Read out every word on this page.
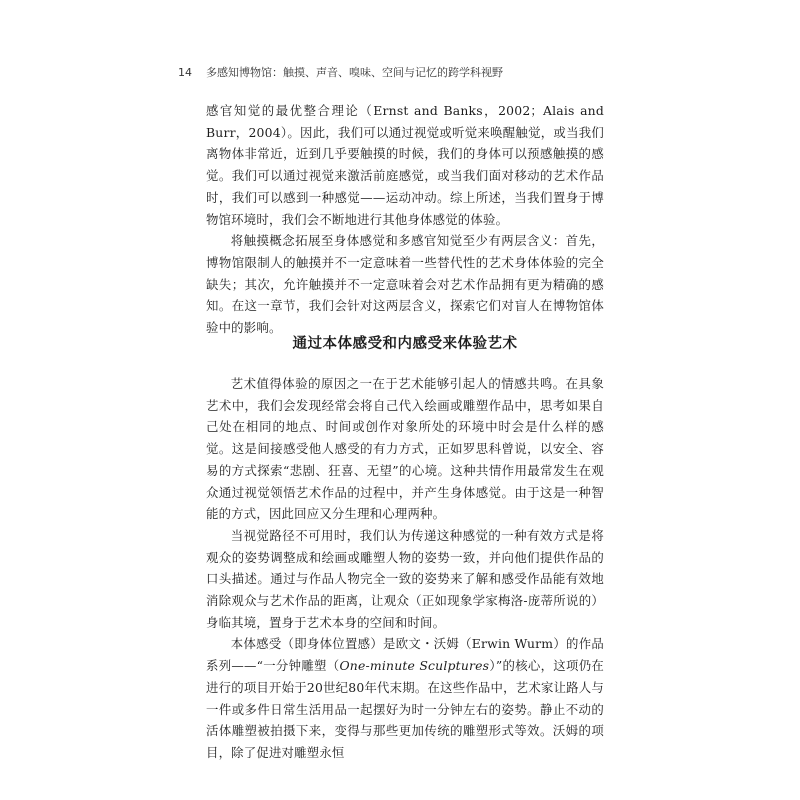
14 多感知博物馆：触摸、声音、嗅味、空间与记忆的跨学科视野

感官知觉的最优整合理论（Ernst and Banks，2002；Alais and Burr，2004）。因此，我们可以通过视觉或听觉来唤醒触觉，或当我们离物体非常近，近到几乎要触摸的时候，我们的身体可以预感触摸的感觉。我们可以通过视觉来激活前庭感觉，或当我们面对移动的艺术作品时，我们可以感到一种感觉——运动冲动。综上所述，当我们置身于博物馆环境时，我们会不断地进行其他身体感觉的体验。

将触摸概念拓展至身体感觉和多感官知觉至少有两层含义：首先，博物馆限制人的触摸并不一定意味着一些替代性的艺术身体体验的完全缺失；其次，允许触摸并不一定意味着会对艺术作品拥有更为精确的感知。在这一章节，我们会针对这两层含义，探索它们对盲人在博物馆体验中的影响。

通过本体感受和内感受来体验艺术

艺术值得体验的原因之一在于艺术能够引起人的情感共鸣。在具象艺术中，我们会发现经常会将自己代入绘画或雕塑作品中，思考如果自己处在相同的地点、时间或创作对象所处的环境中时会是什么样的感觉。这是间接感受他人感受的有力方式，正如罗思科曾说，以安全、容易的方式探索“悲剧、狂喜、无望”的心境。这种共情作用最常发生在观众通过视觉领悟艺术作品的过程中，并产生身体感觉。由于这是一种智能的方式，因此回应又分生理和心理两种。

当视觉路径不可用时，我们认为传递这种感觉的一种有效方式是将观众的姿势调整成和绘画或雕塑人物的姿势一致，并向他们提供作品的口头描述。通过与作品人物完全一致的姿势来了解和感受作品能有效地消除观众与艺术作品的距离，让观众（正如现象学家梅洛-庞蒂所说的）身临其境，置身于艺术本身的空间和时间。

本体感受（即身体位置感）是欧文・沃姆（Erwin Wurm）的作品系列——“一分钟雕塑（One-minute Sculptures）”的核心，这项仍在进行的项目开始于20世纪80年代末期。在这些作品中，艺术家让路人与一件或多件日常生活用品一起摆好为时一分钟左右的姿势。静止不动的活体雕塑被拍摄下来，变得与那些更加传统的雕塑形式等效。沃姆的项目，除了促进对雕塑永恒
